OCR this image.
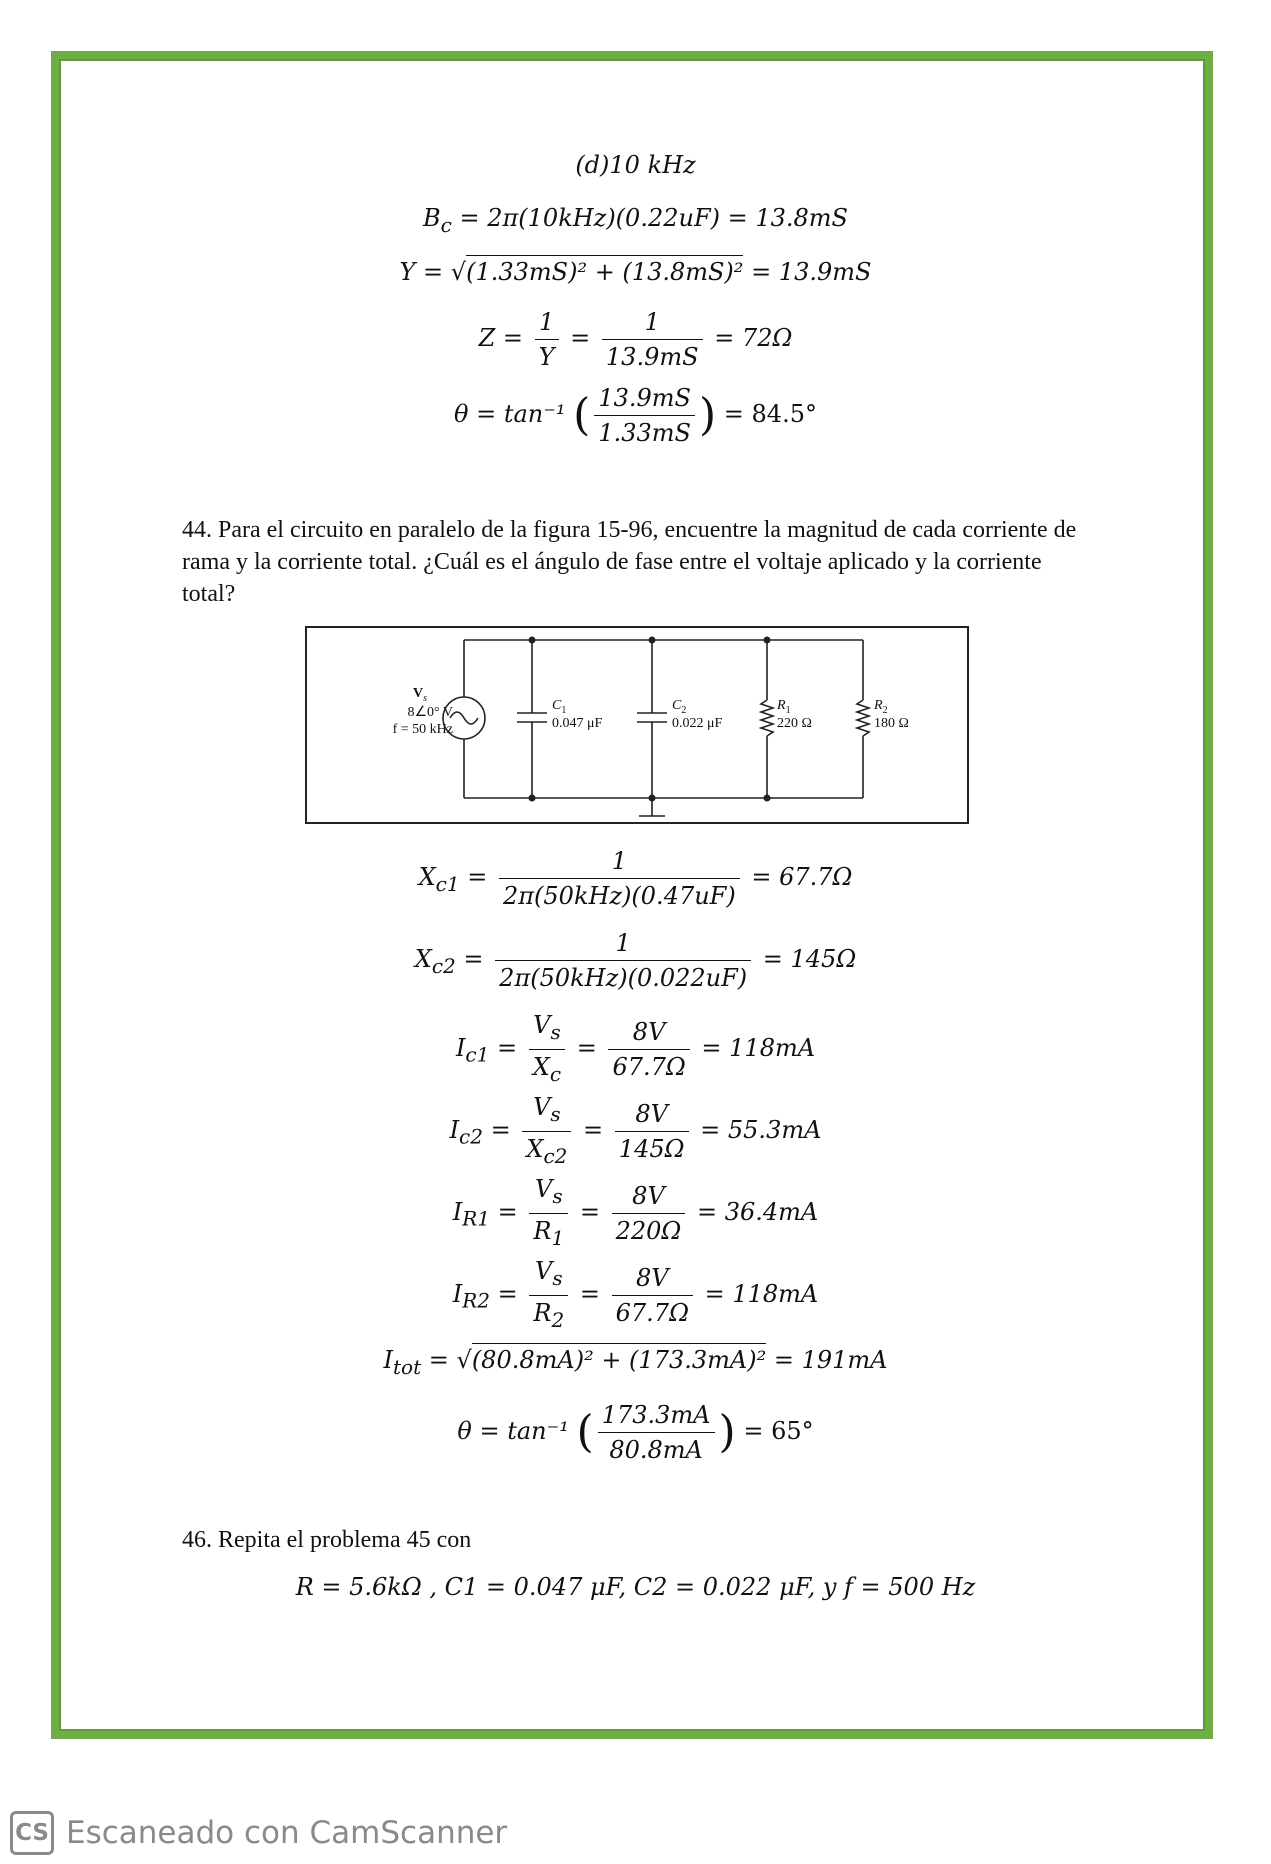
(d)10 kHz
$B_c = 2\pi(10kHz)(0.22uF) = 13.8mS$
Y = √(1.33mS)² + (13.8mS)² = 13.9mS
$Z = \frac{1}{Y} = \frac{1}{13.9mS} = 72\Omega$
θ = tan⁻¹ ( $\frac{13.9mS}{1.33mS}$ ) = 84.5°
44. Para el circuito en paralelo de la figura 15-96, encuentre la magnitud de cada corriente de rama y la corriente total. ¿Cuál es el ángulo de fase entre el voltaje aplicado y la corriente total?
$V_s$
8∠0° V
f = 50 kHz
$C_1$
0.047 μF
$C_2$
0.022 μF
$R_1$
220 Ω
$R_2$
180 Ω
$X_{c1} = \frac{1}{\text{2π(50kHz)(0.47uF)}} = 67.7\Omega$
$X_{c2} = \frac{1}{\text{2π(50kHz)(0.022uF)}} = 145\Omega$
$I_{c1} = \frac{V_s}{X_c} = \frac{8V}{67.7\Omega} = 118mA$
$I_{c2} = \frac{V_s}{X_{c2}} = \frac{8V}{145\Omega} = 55.3mA$
$I_{R1} = \frac{V_s}{R_1} = \frac{8V}{220\Omega} = 36.4mA$
$I_{R2} = \frac{V_s}{R_2} = \frac{8V}{67.7\Omega} = 118mA$
$I_{tot} = √(80.8mA)^2 + (173.3mA)^2 = 191mA$
θ = tan⁻¹ ( $\frac{173.3mA}{80.8mA}$ ) = 65°
46. Repita el problema 45 con
R = 5.6kΩ , C1 = 0.047 μF, C2 = 0.022 μF, y f = 500 Hz
CS Escaneado con CamScanner
